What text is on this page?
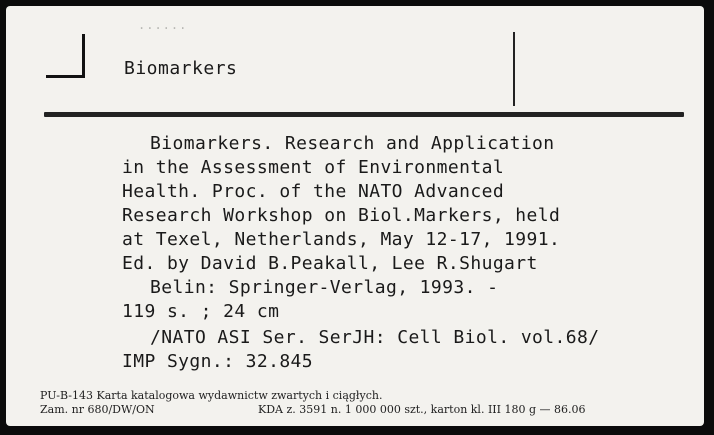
......
Biomarkers
Biomarkers. Research and Application
in the Assessment of Environmental
Health. Proc. of the NATO Advanced
Research Workshop on Biol.Markers, held
at Texel, Netherlands, May 12-17, 1991.
Ed. by David B.Peakall, Lee R.Shugart
Belin: Springer-Verlag, 1993. -
119 s. ; 24 cm
/NATO ASI Ser. SerJH: Cell Biol. vol.68/
IMP Sygn.: 32.845
PU-B-143 Karta katalogowa wydawnictw zwartych i ciągłych.
Zam. nr 680/DW/ON	KDA z. 3591 n. 1 000 000 szt., karton kl. III 180 g — 86.06
